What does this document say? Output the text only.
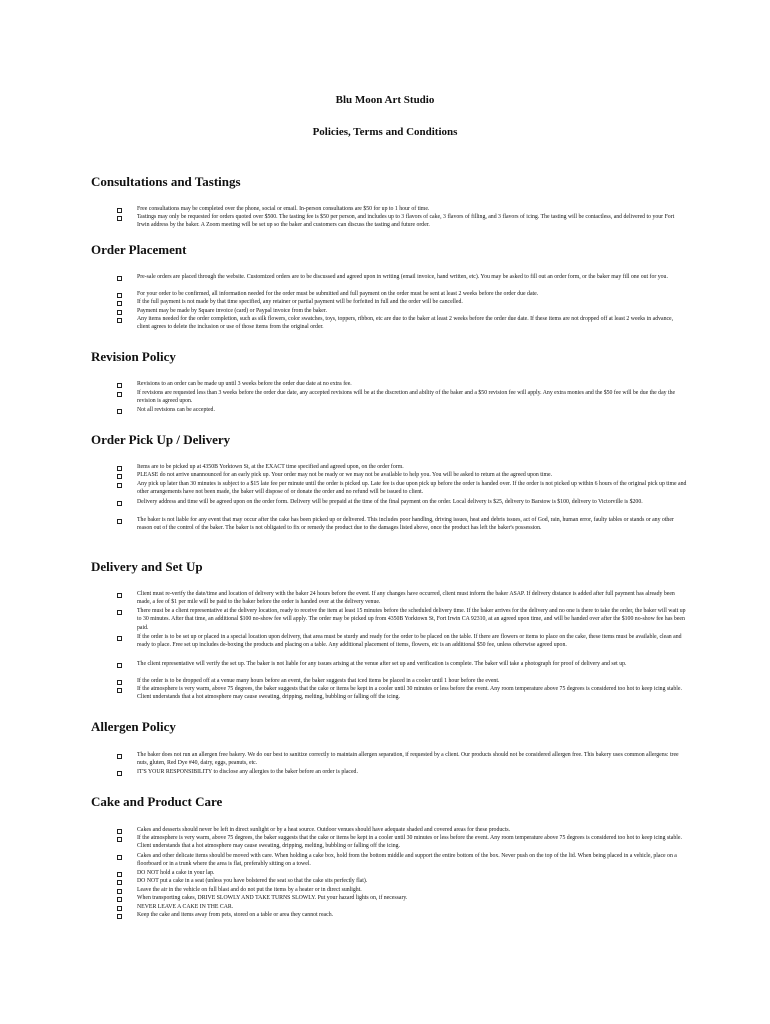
Blu Moon Art Studio
Policies, Terms and Conditions
Consultations and Tastings
Free consultations may be completed over the phone, social or email. In-person consultations are $50 for up to 1 hour of time.
Tastings may only be requested for orders quoted over $500. The tasting fee is $50 per person, and includes up to 3 flavors of cake, 3 flavors of filling, and 3 flavors of icing. The tasting will be contactless, and delivered to your Fort Irwin address by the baker. A Zoom meeting will be set up so the baker and customers can discuss the tasting and future order.
Order Placement
Pre-sale orders are placed through the website. Customized orders are to be discussed and agreed upon in writing (email invoice, hand written, etc). You may be asked to fill out an order form, or the baker may fill one out for you.
For your order to be confirmed, all information needed for the order must be submitted and full payment on the order must be sent at least 2 weeks before the order due date.
If the full payment is not made by that time specified, any retainer or partial payment will be forfeited in full and the order will be cancelled.
Payment may be made by Square invoice (card) or Paypal invoice from the baker.
Any items needed for the order completion, such as silk flowers, color swatches, toys, toppers, ribbon, etc are due to the baker at least 2 weeks before the order due date. If these items are not dropped off at least 2 weeks in advance, client agrees to delete the inclusion or use of those items from the original order.
Revision Policy
Revisions to an order can be made up until 3 weeks before the order due date at no extra fee.
If revisions are requested less than 3 weeks before the order due date, any accepted revisions will be at the discretion and ability of the baker and a $50 revision fee will apply. Any extra monies and the $50 fee will be due the day the revision is agreed upon.
Not all revisions can be accepted.
Order Pick Up / Delivery
Items are to be picked up at 4350B Yorktown St, at the EXACT time specified and agreed upon, on the order form.
PLEASE do not arrive unannounced for an early pick up. Your order may not be ready or we may not be available to help you. You will be asked to return at the agreed upon time.
Any pick up later than 30 minutes is subject to a $15 late fee per minute until the order is picked up. Late fee is due upon pick up before the order is handed over. If the order is not picked up within 6 hours of the original pick up time and other arrangements have not been made, the baker will dispose of or donate the order and no refund will be issued to client.
Delivery address and time will be agreed upon on the order form. Delivery will be prepaid at the time of the final payment on the order. Local delivery is $25, delivery to Barstow is $100, delivery to Victorville is $200.
The baker is not liable for any event that may occur after the cake has been picked up or delivered. This includes poor handling, driving issues, heat and debris issues, act of God, rain, human error, faulty tables or stands or any other reason out of the control of the baker. The baker is not obligated to fix or remedy the product due to the damages listed above, once the product has left the baker's possession.
Delivery and Set Up
Client must re-verify the date/time and location of delivery with the baker 24 hours before the event. If any changes have occurred, client must inform the baker ASAP. If delivery distance is added after full payment has already been made, a fee of $1 per mile will be paid to the baker before the order is handed over at the delivery venue.
There must be a client representative at the delivery location, ready to receive the item at least 15 minutes before the scheduled delivery time. If the baker arrives for the delivery and no one is there to take the order, the baker will wait up to 30 minutes. After that time, an additional $100 no-show fee will apply. The order may be picked up from 4350B Yorktown St, Fort Irwin CA 92310, at an agreed upon time, and will be handed over after the $100 no-show fee has been paid.
If the order is to be set up or placed in a special location upon delivery, that area must be sturdy and ready for the order to be placed on the table. If there are flowers or items to place on the cake, these items must be available, clean and ready to place. Free set up includes de-boxing the products and placing on a table. Any additional placement of items, flowers, etc is an additional $50 fee, unless otherwise agreed upon.
The client representative will verify the set up. The baker is not liable for any issues arising at the venue after set up and verification is complete. The baker will take a photograph for proof of delivery and set up.
If the order is to be dropped off at a venue many hours before an event, the baker suggests that iced items be placed in a cooler until 1 hour before the event.
If the atmosphere is very warm, above 75 degrees, the baker suggests that the cake or items be kept in a cooler until 30 minutes or less before the event. Any room temperature above 75 degrees is considered too hot to keep icing stable. Client understands that a hot atmosphere may cause sweating, dripping, melting, bubbling or falling off the icing.
Allergen Policy
The baker does not run an allergen free bakery. We do our best to sanitize correctly to maintain allergen separation, if requested by a client. Our products should not be considered allergen free. This bakery uses common allergens: tree nuts, gluten, Red Dye #40, dairy, eggs, peanuts, etc.
IT'S YOUR RESPONSIBILITY to disclose any allergies to the baker before an order is placed.
Cake and Product Care
Cakes and desserts should never be left in direct sunlight or by a heat source. Outdoor venues should have adequate shaded and covered areas for these products.
If the atmosphere is very warm, above 75 degrees, the baker suggests that the cake or items be kept in a cooler until 30 minutes or less before the event. Any room temperature above 75 degrees is considered too hot to keep icing stable. Client understands that a hot atmosphere may cause sweating, dripping, melting, bubbling or falling off the icing.
Cakes and other delicate items should be moved with care. When holding a cake box, hold from the bottom middle and support the entire bottom of the box. Never push on the top of the lid. When being placed in a vehicle, place on a floorboard or in a trunk where the area is flat, preferably sitting on a towel.
DO NOT hold a cake in your lap.
DO NOT put a cake in a seat (unless you have bolstered the seat so that the cake sits perfectly flat).
Leave the air in the vehicle on full blast and do not put the items by a heater or in direct sunlight.
When transporting cakes, DRIVE SLOWLY AND TAKE TURNS SLOWLY. Put your hazard lights on, if necessary.
NEVER LEAVE A CAKE IN THE CAR.
Keep the cake and items away from pets, stored on a table or area they cannot reach.
